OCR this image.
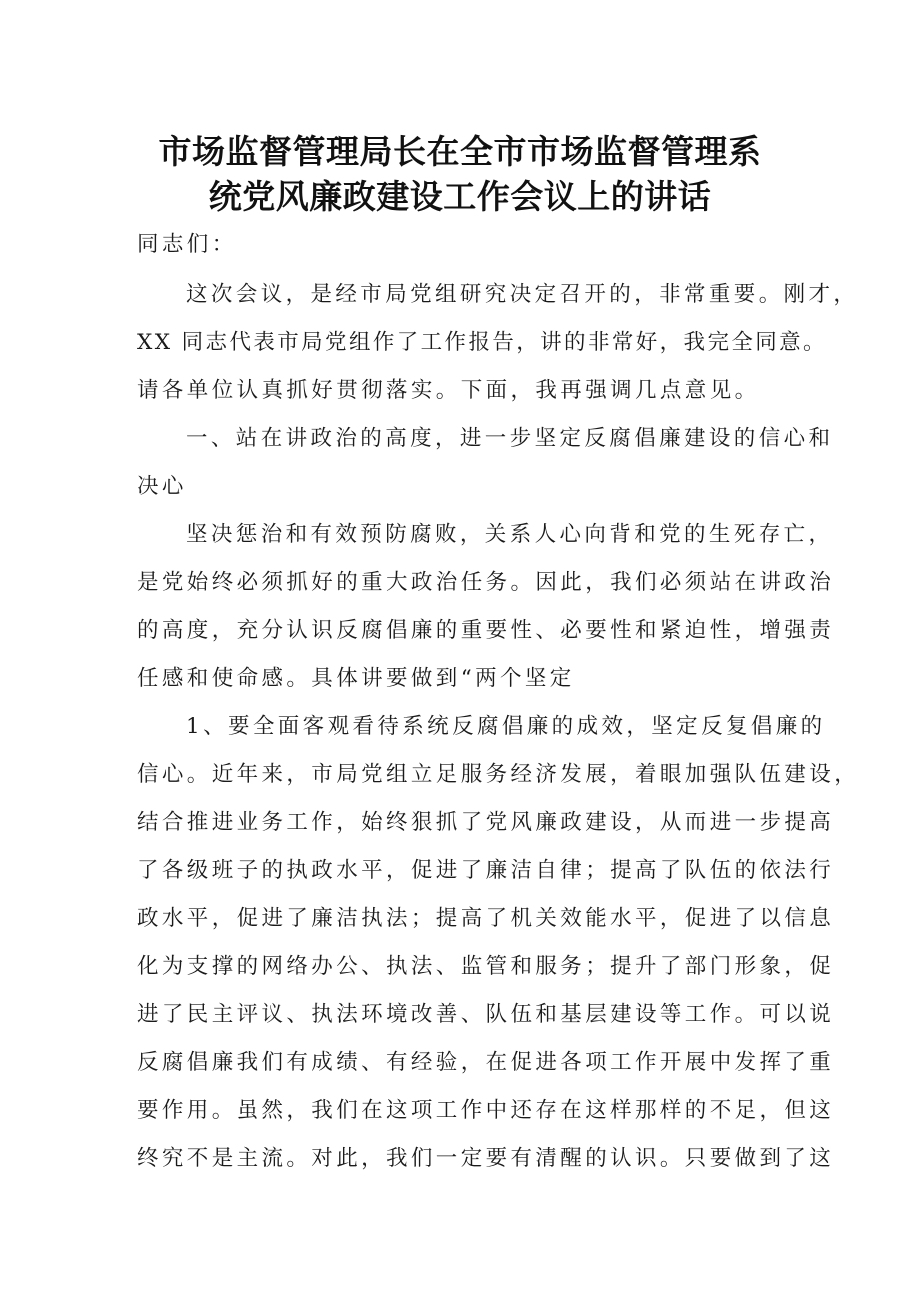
市场监督管理局长在全市市场监督管理系
统党风廉政建设工作会议上的讲话
同志们：
这次会议，是经市局党组研究决定召开的，非常重要。刚才，
XX 同志代表市局党组作了工作报告，讲的非常好，我完全同意。
请各单位认真抓好贯彻落实。下面，我再强调几点意见。
一、站在讲政治的高度，进一步坚定反腐倡廉建设的信心和
决心
坚决惩治和有效预防腐败，关系人心向背和党的生死存亡，
是党始终必须抓好的重大政治任务。因此，我们必须站在讲政治
的高度，充分认识反腐倡廉的重要性、必要性和紧迫性，增强责
任感和使命感。具体讲要做到“两个坚定
1、要全面客观看待系统反腐倡廉的成效，坚定反复倡廉的
信心。近年来，市局党组立足服务经济发展，着眼加强队伍建设，
结合推进业务工作，始终狠抓了党风廉政建设，从而进一步提高
了各级班子的执政水平，促进了廉洁自律；提高了队伍的依法行
政水平，促进了廉洁执法；提高了机关效能水平，促进了以信息
化为支撑的网络办公、执法、监管和服务；提升了部门形象，促
进了民主评议、执法环境改善、队伍和基层建设等工作。可以说
反腐倡廉我们有成绩、有经验，在促进各项工作开展中发挥了重
要作用。虽然，我们在这项工作中还存在这样那样的不足，但这
终究不是主流。对此，我们一定要有清醒的认识。只要做到了这
